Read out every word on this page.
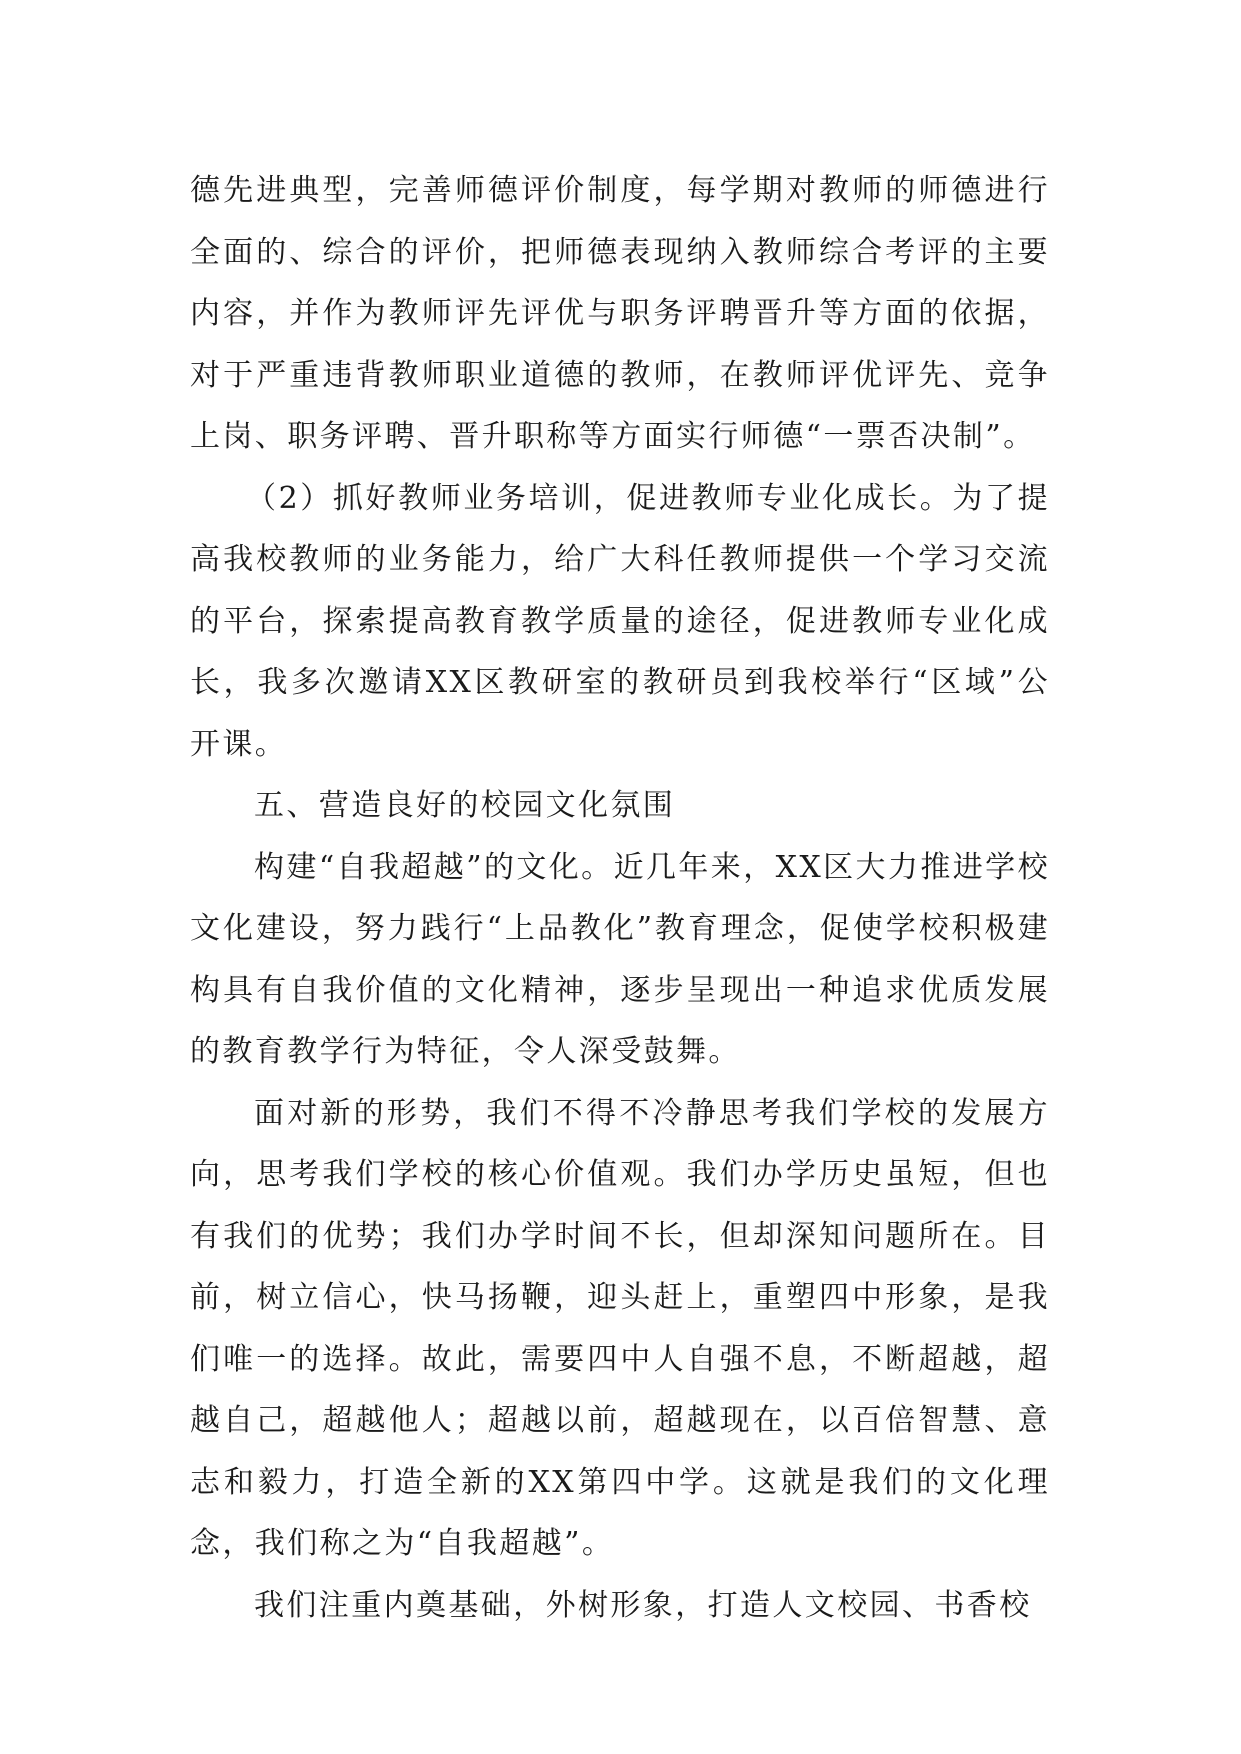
德先进典型，完善师德评价制度，每学期对教师的师德进行全面的、综合的评价，把师德表现纳入教师综合考评的主要内容，并作为教师评先评优与职务评聘晋升等方面的依据，对于严重违背教师职业道德的教师，在教师评优评先、竞争上岗、职务评聘、晋升职称等方面实行师德“一票否决制”。

（2）抓好教师业务培训，促进教师专业化成长。为了提高我校教师的业务能力，给广大科任教师提供一个学习交流的平台，探索提高教育教学质量的途径，促进教师专业化成长，我多次邀请XX区教研室的教研员到我校举行“区域”公开课。

五、营造良好的校园文化氛围

构建“自我超越”的文化。近几年来，XX区大力推进学校文化建设，努力践行“上品教化”教育理念，促使学校积极建构具有自我价值的文化精神，逐步呈现出一种追求优质发展的教育教学行为特征，令人深受鼓舞。

面对新的形势，我们不得不冷静思考我们学校的发展方向，思考我们学校的核心价值观。我们办学历史虽短，但也有我们的优势；我们办学时间不长，但却深知问题所在。目前，树立信心，快马扬鞭，迎头赶上，重塑四中形象，是我们唯一的选择。故此，需要四中人自强不息，不断超越，超越自己，超越他人；超越以前，超越现在，以百倍智慧、意志和毅力，打造全新的XX第四中学。这就是我们的文化理念，我们称之为“自我超越”。

我们注重内奠基础，外树形象，打造人文校园、书香校
